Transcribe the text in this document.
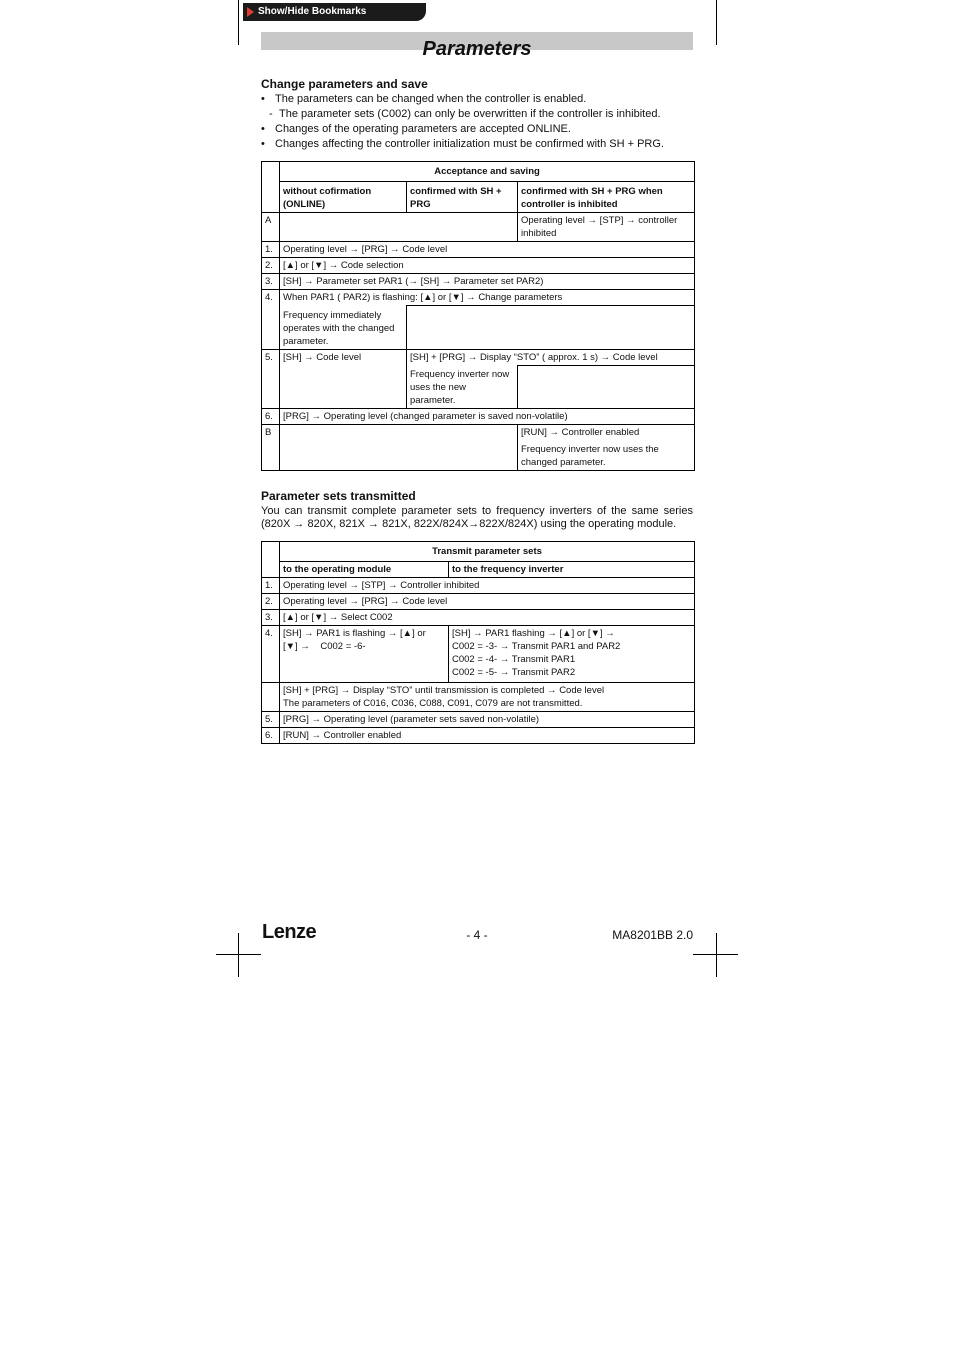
Show/Hide Bookmarks
Parameters
Change parameters and save
• The parameters can be changed when the controller is enabled.
- The parameter sets (C002) can only be overwritten if the controller is inhibited.
• Changes of the operating parameters are accepted ONLINE.
• Changes affecting the controller initialization must be confirmed with SH + PRG.
	Acceptance and saving		
	without cofirmation (ONLINE)	confirmed with SH + PRG	confirmed with SH + PRG when controller is inhibited
A			Operating level → [STP] → controller inhibited
1.	Operating level → [PRG] → Code level		
2.	[▲] or [▼] → Code selection		
3.	[SH] → Parameter set PAR1 (→ [SH] → Parameter set PAR2)		
4.	When PAR1 ( PAR2) is flashing: [▲] or [▼] → Change parameters		
	Frequency immediately operates with the changed parameter.		
5.	[SH] → Code level	[SH] + [PRG] → Display “STO” ( approx. 1 s) → Code level	
		Frequency inverter now uses the new parameter.	
6.	[PRG] → Operating level (changed parameter is saved non-volatile)		
B			[RUN] → Controller enabled
Frequency inverter now uses the changed parameter.
Parameter sets transmitted
You can transmit complete parameter sets to frequency inverters of the same series (820X → 820X, 821X → 821X, 822X/824X→822X/824X) using the operating module.
	Transmit parameter sets	
	to the operating module	to the frequency inverter
1.	Operating level → [STP] → Controller inhibited	
2.	Operating level → [PRG] → Code level	
3.	[▲] or [▼] → Select C002	
4.	[SH] → PAR1 is flashing → [▲] or
[▼] →    C002 = -6-	[SH] → PAR1 flashing → [▲] or [▼] →
C002 = -3- → Transmit PAR1 and PAR2
C002 = -4- → Transmit PAR1
C002 = -5- → Transmit PAR2

	[SH] + [PRG] → Display “STO” until transmission is completed → Code level
The parameters of C016, C036, C088, C091, C079 are not transmitted.	

5.	[PRG] → Operating level (parameter sets saved non-volatile)	
6.	[RUN] → Controller enabled	
Lenze	- 4 -	MA8201BB 2.0
